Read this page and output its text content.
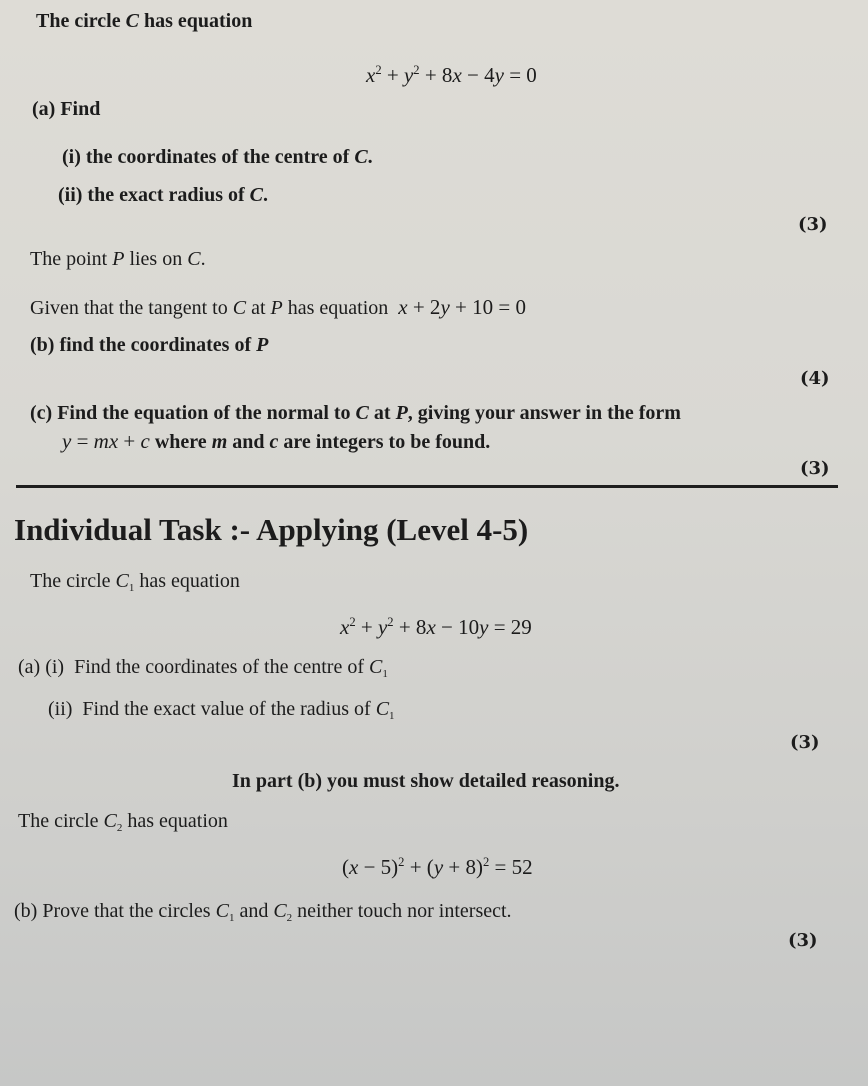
The circle C has equation
$x^2 + y^2 + 8x - 4y = 0$
(a) Find
(i) the coordinates of the centre of C.
(ii) the exact radius of C.
(3)
The point P lies on C.
Given that the tangent to C at P has equation  x + 2y + 10 = 0
(b) find the coordinates of P
(4)
(c) Find the equation of the normal to C at P, giving your answer in the form
y = mx + c where m and c are integers to be found.
(3)
Individual Task :- Applying (Level 4-5)
The circle $C_1$ has equation
$x^2 + y^2 + 8x - 10y = 29$
(a) (i)  Find the coordinates of the centre of $C_1$
(ii)  Find the exact value of the radius of $C_1$
(3)
In part (b) you must show detailed reasoning.
The circle $C_2$ has equation
$(x - 5)^2 + (y + 8)^2 = 52$
(b) Prove that the circles $C_1$ and $C_2$ neither touch nor intersect.
(3)
